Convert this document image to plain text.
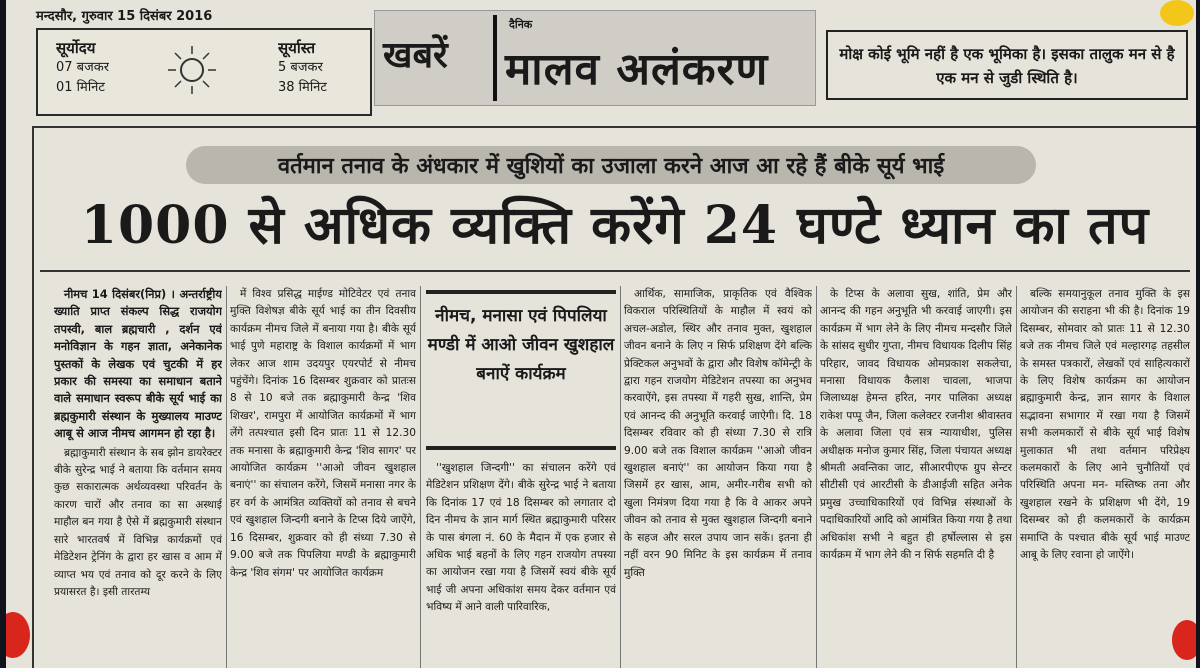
मन्दसौर, गुरुवार 15 दिसंबर 2016
सूर्योदय
07 बजकर
01 मिनिट
सूर्यास्त
5 बजकर
38 मिनिट
खबरें
दैनिक
मालव अलंकरण	मोक्ष कोई भूमि नहीं है एक भूमिका है। इसका तालुक मन से है एक मन से जुडी स्थिति है।
वर्तमान तनाव के अंधकार में खुशियों का उजाला करने आज आ रहे हैं बीके सूर्य भाई
1000 से अधिक व्यक्ति करेंगे 24 घण्टे ध्यान का तप

नीमच 14 दिसंबर(निप्र) । अन्तर्राष्ट्रीय ख्याति प्राप्त संकल्प सिद्ध राजयोग तपस्वी, बाल ब्रह्मचारी , दर्शन एवं मनोविज्ञान के गहन ज्ञाता, अनेकानेक पुस्तकों के लेखक एवं चुटकी में हर प्रकार की समस्या का समाधान बताने वाले समाधान स्वरूप बीके सूर्य भाई का ब्रह्मकुमारी संस्थान के मुख्यालय माउण्ट आबू से आज नीमच आगमन हो रहा है।

ब्रह्माकुमारी संस्थान के सब झोन डायरेक्टर बीके सुरेन्द्र भाई ने बताया कि वर्तमान समय कुछ सकारात्मक अर्थव्यवस्था परिवर्तन के कारण चारों और तनाव का सा अस्थाई माहौल बन गया है ऐसे में ब्रह्मकुमारी संस्थान सारे भारतवर्ष में विभिन्न कार्यक्रमों एवं मेडिटेशन ट्रेनिंग के द्वारा हर खास व आम में व्याप्त भय एवं तनाव को दूर करने के लिए प्रयासरत है। इसी तारतम्य

में विश्व प्रसिद्ध माईण्ड मोटिवेटर एवं तनाव मुक्ति विशेषज्ञ बीके सूर्य भाई का तीन दिवसीय कार्यक्रम नीमच जिले में बनाया गया है। बीके सूर्य भाई पुणे महाराष्ट्र के विशाल कार्यक्रमों में भाग लेकर आज शाम उदयपुर एयरपोर्ट से नीमच पहुंचेंगे। दिनांक 16 दिसम्बर शुक्रवार को प्रातःस 8 से 10 बजे तक ब्रह्माकुमारी केन्द्र 'शिव शिखर', रामपुरा में आयोजित कार्यक्रमों में भाग लेंगे तत्पश्चात इसी दिन प्रातः 11 से 12.30 तक मनासा के ब्रह्माकुमारी केन्द्र 'शिव सागर' पर आयोजित कार्यक्रम ''आओ जीवन खुशहाल बनाएं'' का संचालन करेंगे, जिसमें मनासा नगर के हर वर्ग के आमंत्रित व्यक्तियों को तनाव से बचने एवं खुशहाल जिन्दगी बनाने के टिप्स दिये जाऐंगे, 16 दिसम्बर, शुक्रवार को ही संध्या 7.30 से 9.00 बजे तक पिपलिया मण्डी के ब्रह्माकुमारी केन्द्र 'शिव संगम' पर आयोजित कार्यक्रम

नीमच, मनासा एवं पिपलिया मण्डी में आओ जीवन खुशहाल बनाऐं कार्यक्रम

''खुशहाल जिन्दगी'' का संचालन करेंगे एवं मेडिटेशन प्रशिक्षण देंगे। बीके सुरेन्द्र भाई ने बताया कि दिनांक 17 एवं 18 दिसम्बर को लगातार दो दिन नीमच के ज्ञान मार्ग स्थित ब्रह्माकुमारी परिसर के पास बंगला नं. 60 के मैदान में एक हजार से अधिक भाई बहनों के लिए गहन राजयोग तपस्या का आयोजन रखा गया है जिसमें स्वयं बीके सूर्य भाई जी अपना अधिकांश समय देकर वर्तमान एवं भविष्य में आने वाली पारिवारिक,

आर्थिक, सामाजिक, प्राकृतिक एवं वैश्विक विकराल परिस्थितियों के माहौल में स्वयं को अचल-अडोल, स्थिर और तनाव मुक्त, खुशहाल जीवन बनाने के लिए न सिर्फ प्रशिक्षण देंगे बल्कि प्रेक्टिकल अनुभवों के द्वारा और विशेष कॉमेन्ट्री के द्वारा गहन राजयोग मेडिटेशन तपस्या का अनुभव करवाऐंगे, इस तपस्या में गहरी सुख, शान्ति, प्रेम एवं आनन्द की अनुभूति करवाई जाऐगी। दि. 18 दिसम्बर रविवार को ही संध्या 7.30 से रात्रि 9.00 बजे तक विशाल कार्यक्रम ''आओ जीवन खुशहाल बनाएं'' का आयोजन किया गया है जिसमें हर खास, आम, अमीर-गरीब सभी को खुला निमंत्रण दिया गया है कि वे आकर अपने जीवन को तनाव से मुक्त खुशहाल जिन्दगी बनाने के सहज और सरल उपाय जान सकें। इतना ही नहीं वरन 90 मिनिट के इस कार्यक्रम में तनाव मुक्ति

के टिप्स के अलावा सुख, शांति, प्रेम और आनन्द की गहन अनुभूति भी करवाई जाएगी। इस कार्यक्रम में भाग लेने के लिए नीमच मन्दसौर जिले के सांसद सुधीर गुप्ता, नीमच विधायक दिलीप सिंह परिहार, जावद विधायक ओमप्रकाश सकलेचा, मनासा विधायक कैलाश चावला, भाजपा जिलाध्यक्ष हेमन्त हरित, नगर पालिका अध्यक्ष राकेश पप्पू जैन, जिला कलेक्टर रजनीश श्रीवास्तव के अलावा जिला एवं सत्र न्यायाधीश, पुलिस अधीक्षक मनोज कुमार सिंह, जिला पंचायत अध्यक्ष श्रीमती अवन्तिका जाट, सीआरपीएफ ग्रुप सेन्टर सीटीसी एवं आरटीसी के डीआईजी सहित अनेक प्रमुख उच्चाधिकारियों एवं विभिन्न संस्थाओं के पदाधिकारियों आदि को आमंत्रित किया गया है तथा अधिकांश सभी ने बहुत ही हर्षोल्लास से इस कार्यक्रम में भाग लेने की न सिर्फ सहमति दी है

बल्कि समयानुकूल तनाव मुक्ति के इस आयोजन की सराहना भी की है। दिनांक 19 दिसम्बर, सोमवार को प्रातः 11 से 12.30 बजे तक नीमच जिले एवं मल्हारगढ़ तहसील के समस्त पत्रकारों, लेखकों एवं साहित्यकारों के लिए विशेष कार्यक्रम का आयोजन ब्रह्माकुमारी केन्द्र, ज्ञान सागर के विशाल सद्भावना सभागार में रखा गया है जिसमें सभी कलमकारों से बीके सूर्य भाई विशेष मुलाकात भी तथा वर्तमान परिप्रेक्ष्य कलमकारों के लिए आने चुनौतियों एवं परिस्थिति अपना मन- मस्तिष्क तना और खुशहाल रखने के प्रशिक्षण भी देंगे, 19 दिसम्बर को ही कलमकारों के कार्यक्रम समाप्ति के पश्चात बीके सूर्य भाई माउण्ट आबू के लिए रवाना हो जाऐंगे।
